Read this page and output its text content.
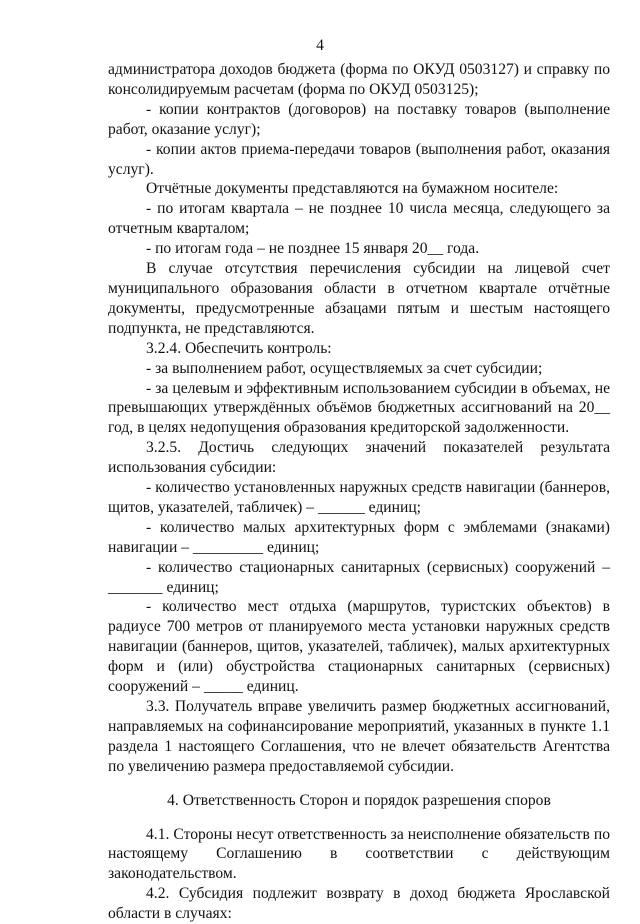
4

администратора доходов бюджета (форма по ОКУД 0503127) и справку по консолидируемым расчетам (форма по ОКУД 0503125);

- копии контрактов (договоров) на поставку товаров (выполнение работ, оказание услуг);

- копии актов приема-передачи товаров (выполнения работ, оказания услуг).

Отчётные документы представляются на бумажном носителе:

- по итогам квартала – не позднее 10 числа месяца, следующего за отчетным кварталом;

- по итогам года – не позднее 15 января 20__ года.

В случае отсутствия перечисления субсидии на лицевой счет муниципального образования области в отчетном квартале отчётные документы, предусмотренные абзацами пятым и шестым настоящего подпункта, не представляются.

3.2.4. Обеспечить контроль:

- за выполнением работ, осуществляемых за счет субсидии;

- за целевым и эффективным использованием субсидии в объемах, не превышающих утверждённых объёмов бюджетных ассигнований на 20__ год, в целях недопущения образования кредиторской задолженности.

3.2.5. Достичь следующих значений показателей результата использования субсидии:

- количество установленных наружных средств навигации (баннеров, щитов, указателей, табличек) – ______ единиц;

- количество малых архитектурных форм с эмблемами (знаками) навигации – _________ единиц;

- количество стационарных санитарных (сервисных) сооружений – _______ единиц;

- количество мест отдыха (маршрутов, туристских объектов) в радиусе 700 метров от планируемого места установки наружных средств навигации (баннеров, щитов, указателей, табличек), малых архитектурных форм и (или) обустройства стационарных санитарных (сервисных) сооружений – _____ единиц.

3.3. Получатель вправе увеличить размер бюджетных ассигнований, направляемых на софинансирование мероприятий, указанных в пункте 1.1 раздела 1 настоящего Соглашения, что не влечет обязательств Агентства по увеличению размера предоставляемой субсидии.

4. Ответственность Сторон и порядок разрешения споров

4.1. Стороны несут ответственность за неисполнение обязательств по настоящему Соглашению в соответствии с действующим законодательством.

4.2. Субсидия подлежит возврату в доход бюджета Ярославской области в случаях:
